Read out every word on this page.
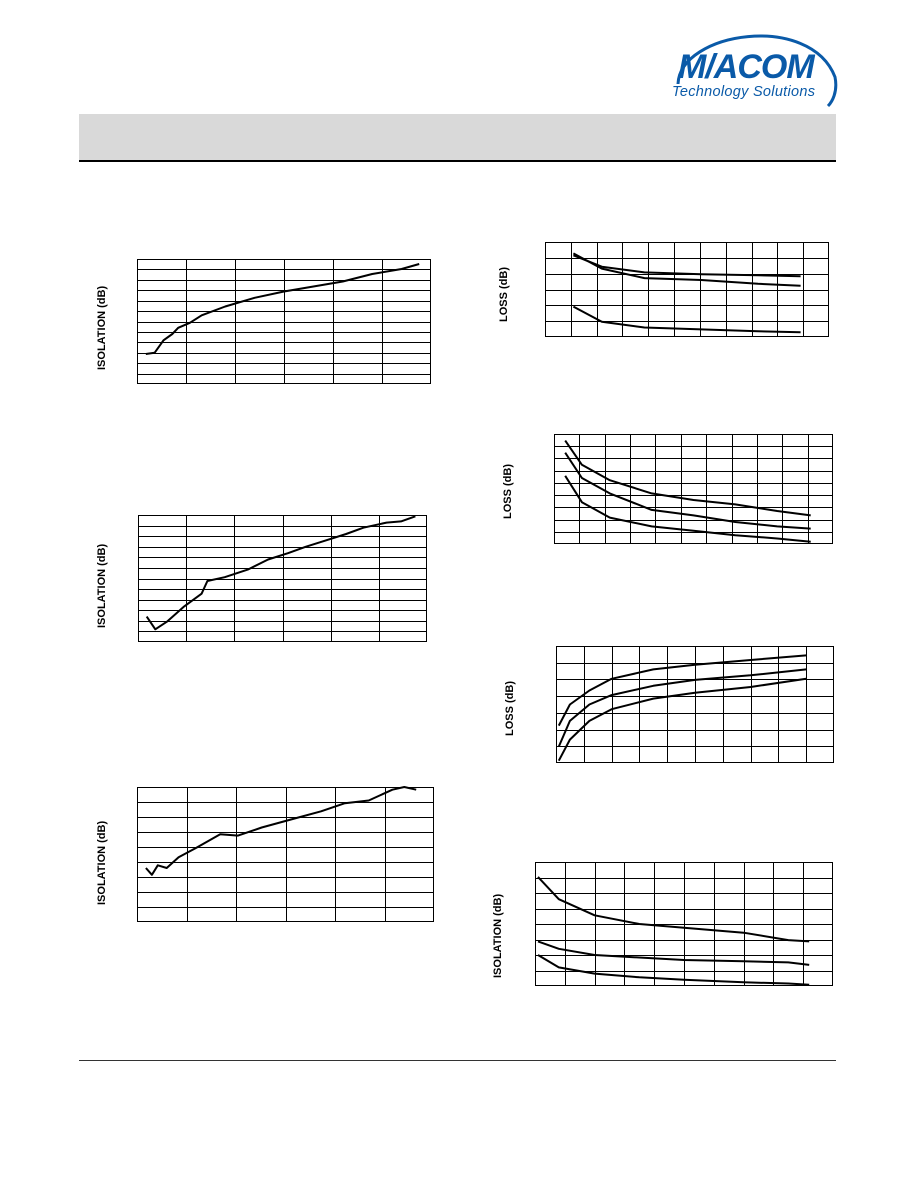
M/ACOM
Technology Solutions
ISOLATION (dB)
ISOLATION (dB)
ISOLATION (dB)
LOSS (dB)
LOSS (dB)
LOSS (dB)
ISOLATION (dB)
